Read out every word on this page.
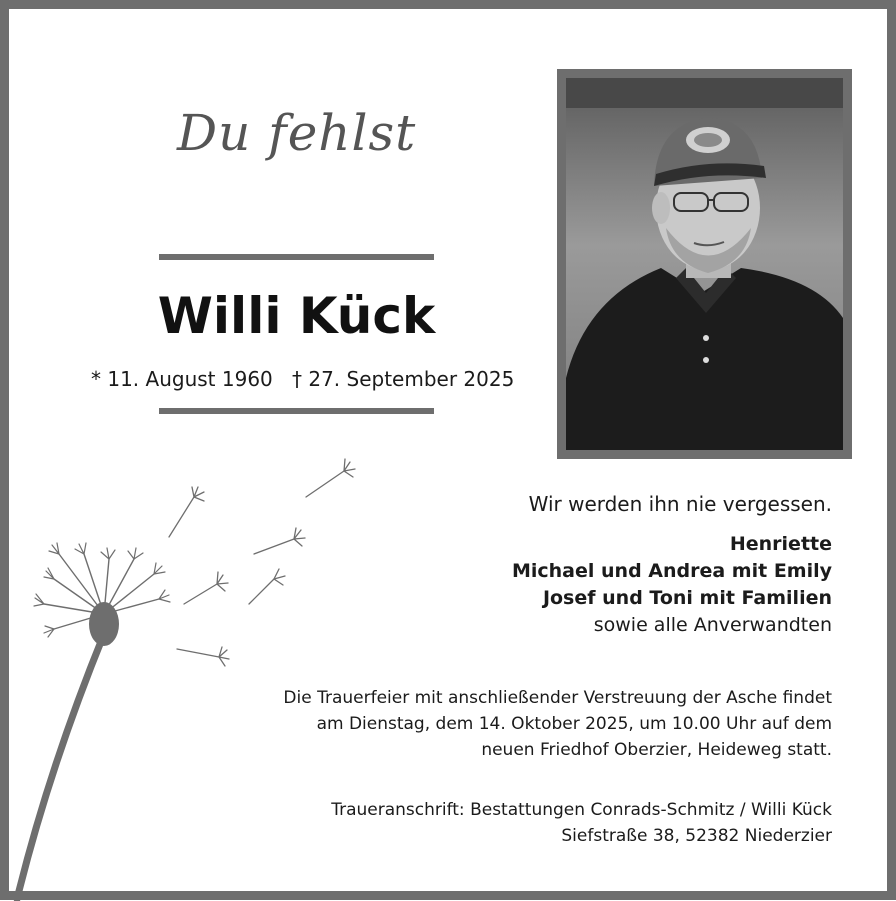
Du fehlst
Willi Kück
* 11. August 1960 † 27. September 2025
Wir werden ihn nie vergessen.
Henriette
Michael und Andrea mit Emily
Josef und Toni mit Familien
sowie alle Anverwandten
Die Trauerfeier mit anschließender Verstreuung der Asche findet
am Dienstag, dem 14. Oktober 2025, um 10.00 Uhr auf dem
neuen Friedhof Oberzier, Heideweg statt.
Traueranschrift: Bestattungen Conrads-Schmitz / Willi Kück
Siefstraße 38, 52382 Niederzier
